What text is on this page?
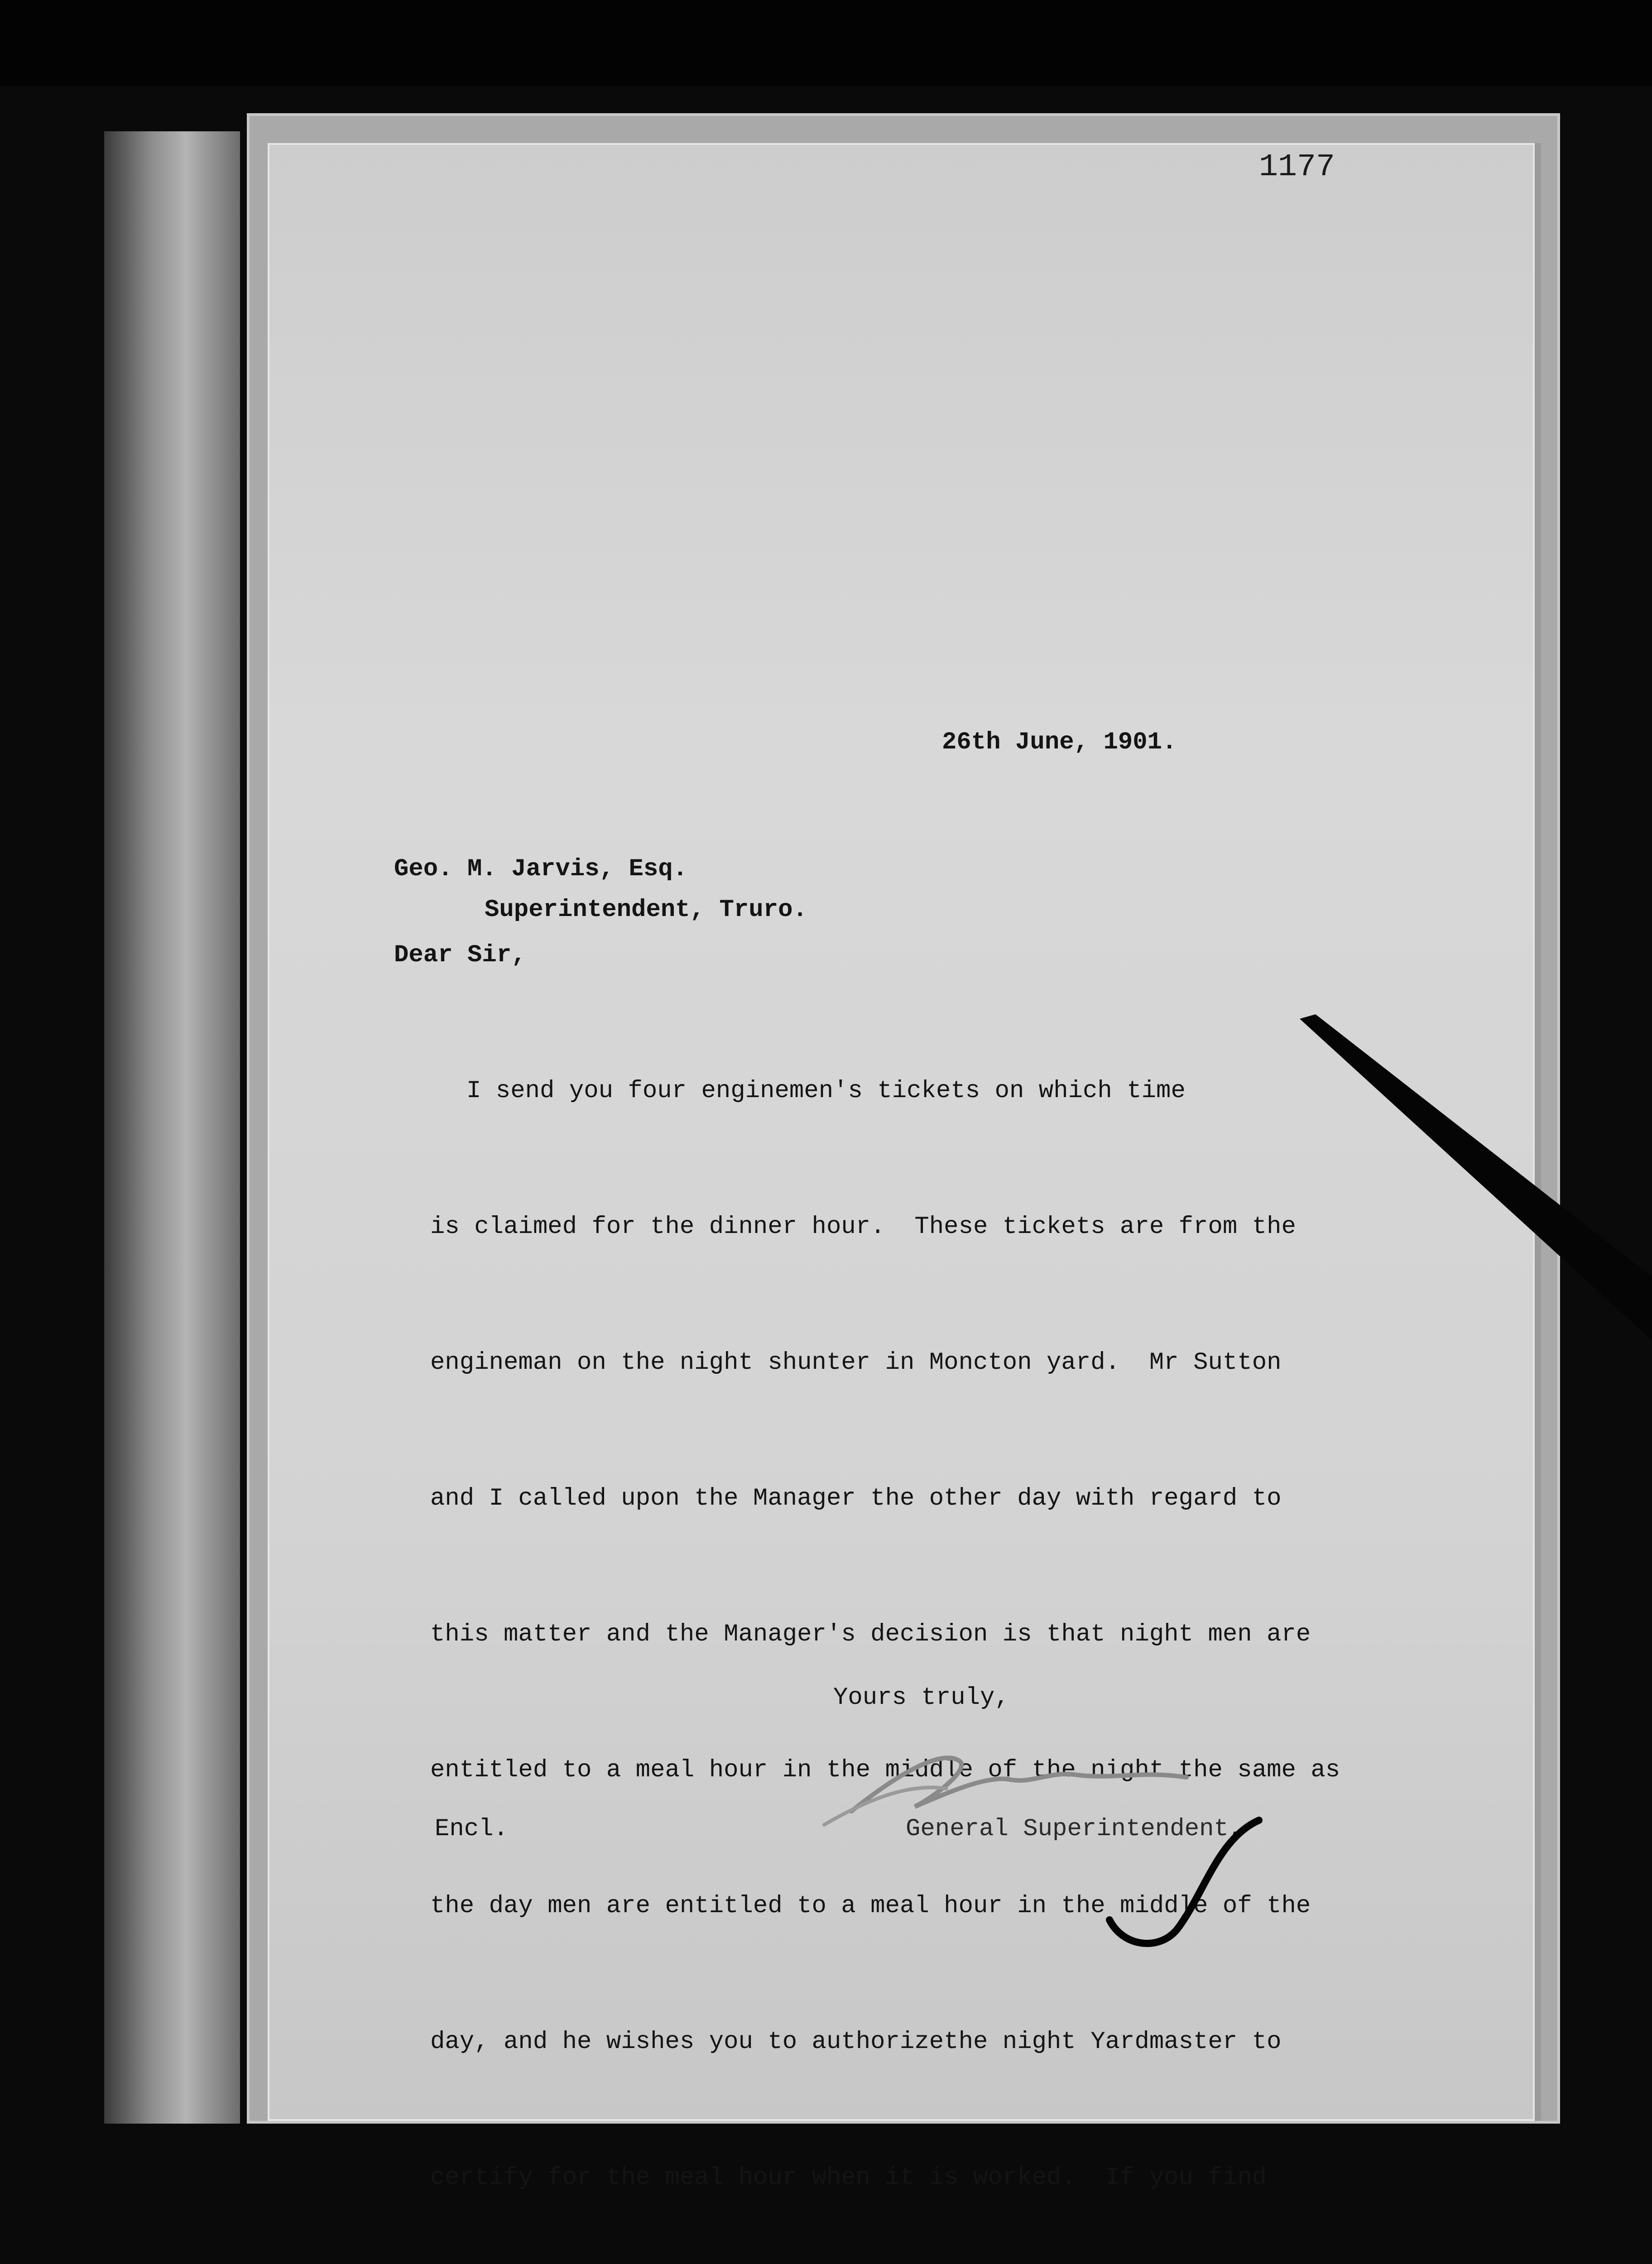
1177
26th June, 1901.
Geo. M. Jarvis, Esq.
Superintendent, Truro.
Dear Sir,

I send you four enginemen's tickets on which time

is claimed for the dinner hour.  These tickets are from the

engineman on the night shunter in Moncton yard.  Mr Sutton

and I called upon the Manager the other day with regard to

this matter and the Manager's decision is that night men are

entitled to a meal hour in the middle of the night the same as

the day men are entitled to a meal hour in the middle of the

day, and he wishes you to authorizethe night Yardmaster to

certify for the meal hour when it is worked.  If you find

Yours truly,
Encl.	General Superintendent,
